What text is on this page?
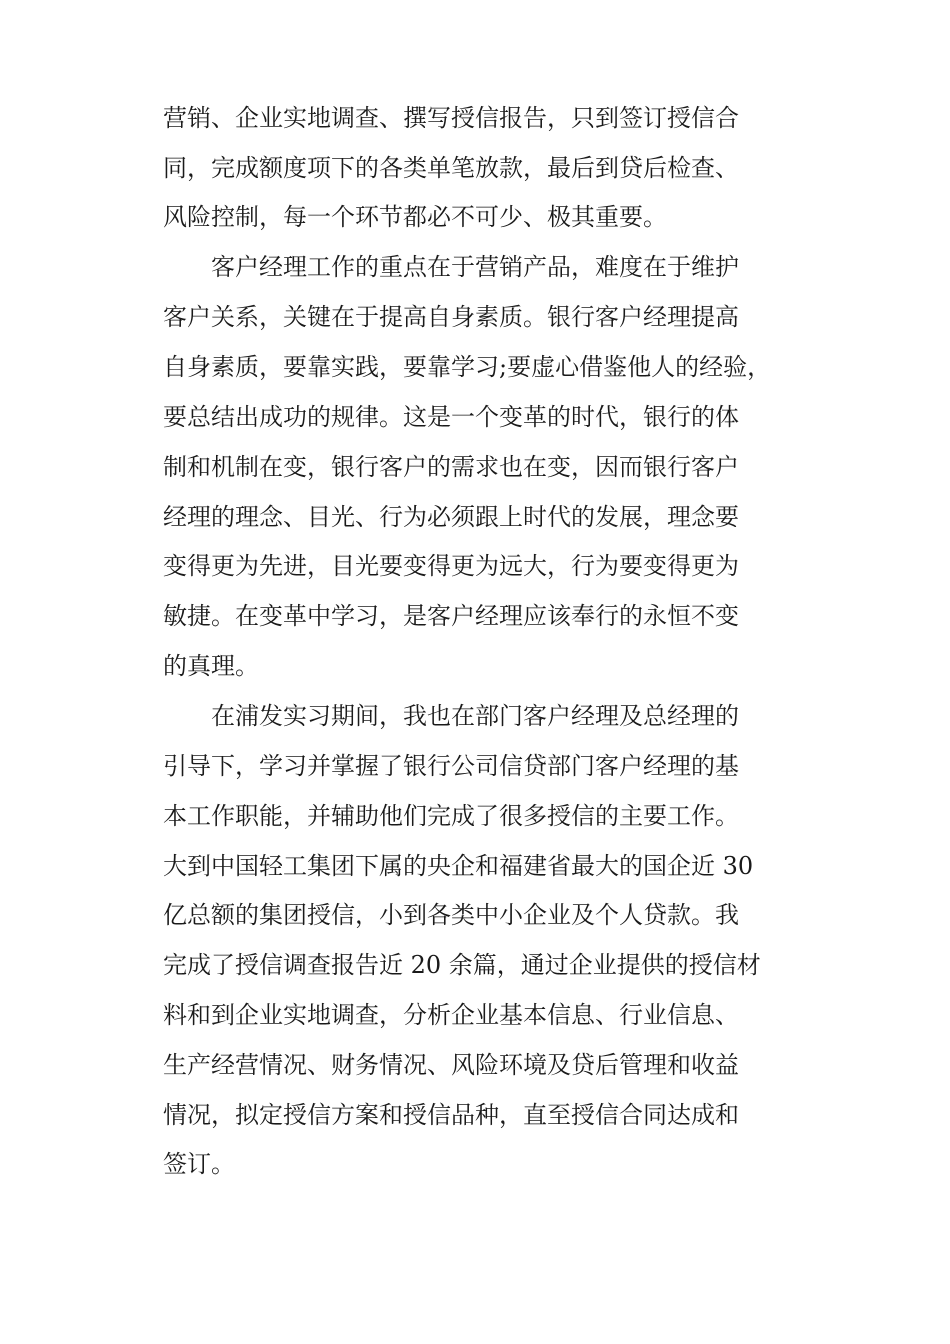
营销、企业实地调查、撰写授信报告，只到签订授信合
同，完成额度项下的各类单笔放款，最后到贷后检查、
风险控制，每一个环节都必不可少、极其重要。
　　客户经理工作的重点在于营销产品，难度在于维护
客户关系，关键在于提高自身素质。银行客户经理提高
自身素质，要靠实践，要靠学习;要虚心借鉴他人的经验，
要总结出成功的规律。这是一个变革的时代，银行的体
制和机制在变，银行客户的需求也在变，因而银行客户
经理的理念、目光、行为必须跟上时代的发展，理念要
变得更为先进，目光要变得更为远大，行为要变得更为
敏捷。在变革中学习，是客户经理应该奉行的永恒不变
的真理。
　　在浦发实习期间，我也在部门客户经理及总经理的
引导下，学习并掌握了银行公司信贷部门客户经理的基
本工作职能，并辅助他们完成了很多授信的主要工作。
大到中国轻工集团下属的央企和福建省最大的国企近 30
亿总额的集团授信，小到各类中小企业及个人贷款。我
完成了授信调查报告近 20 余篇，通过企业提供的授信材
料和到企业实地调查，分析企业基本信息、行业信息、
生产经营情况、财务情况、风险环境及贷后管理和收益
情况，拟定授信方案和授信品种，直至授信合同达成和
签订。
